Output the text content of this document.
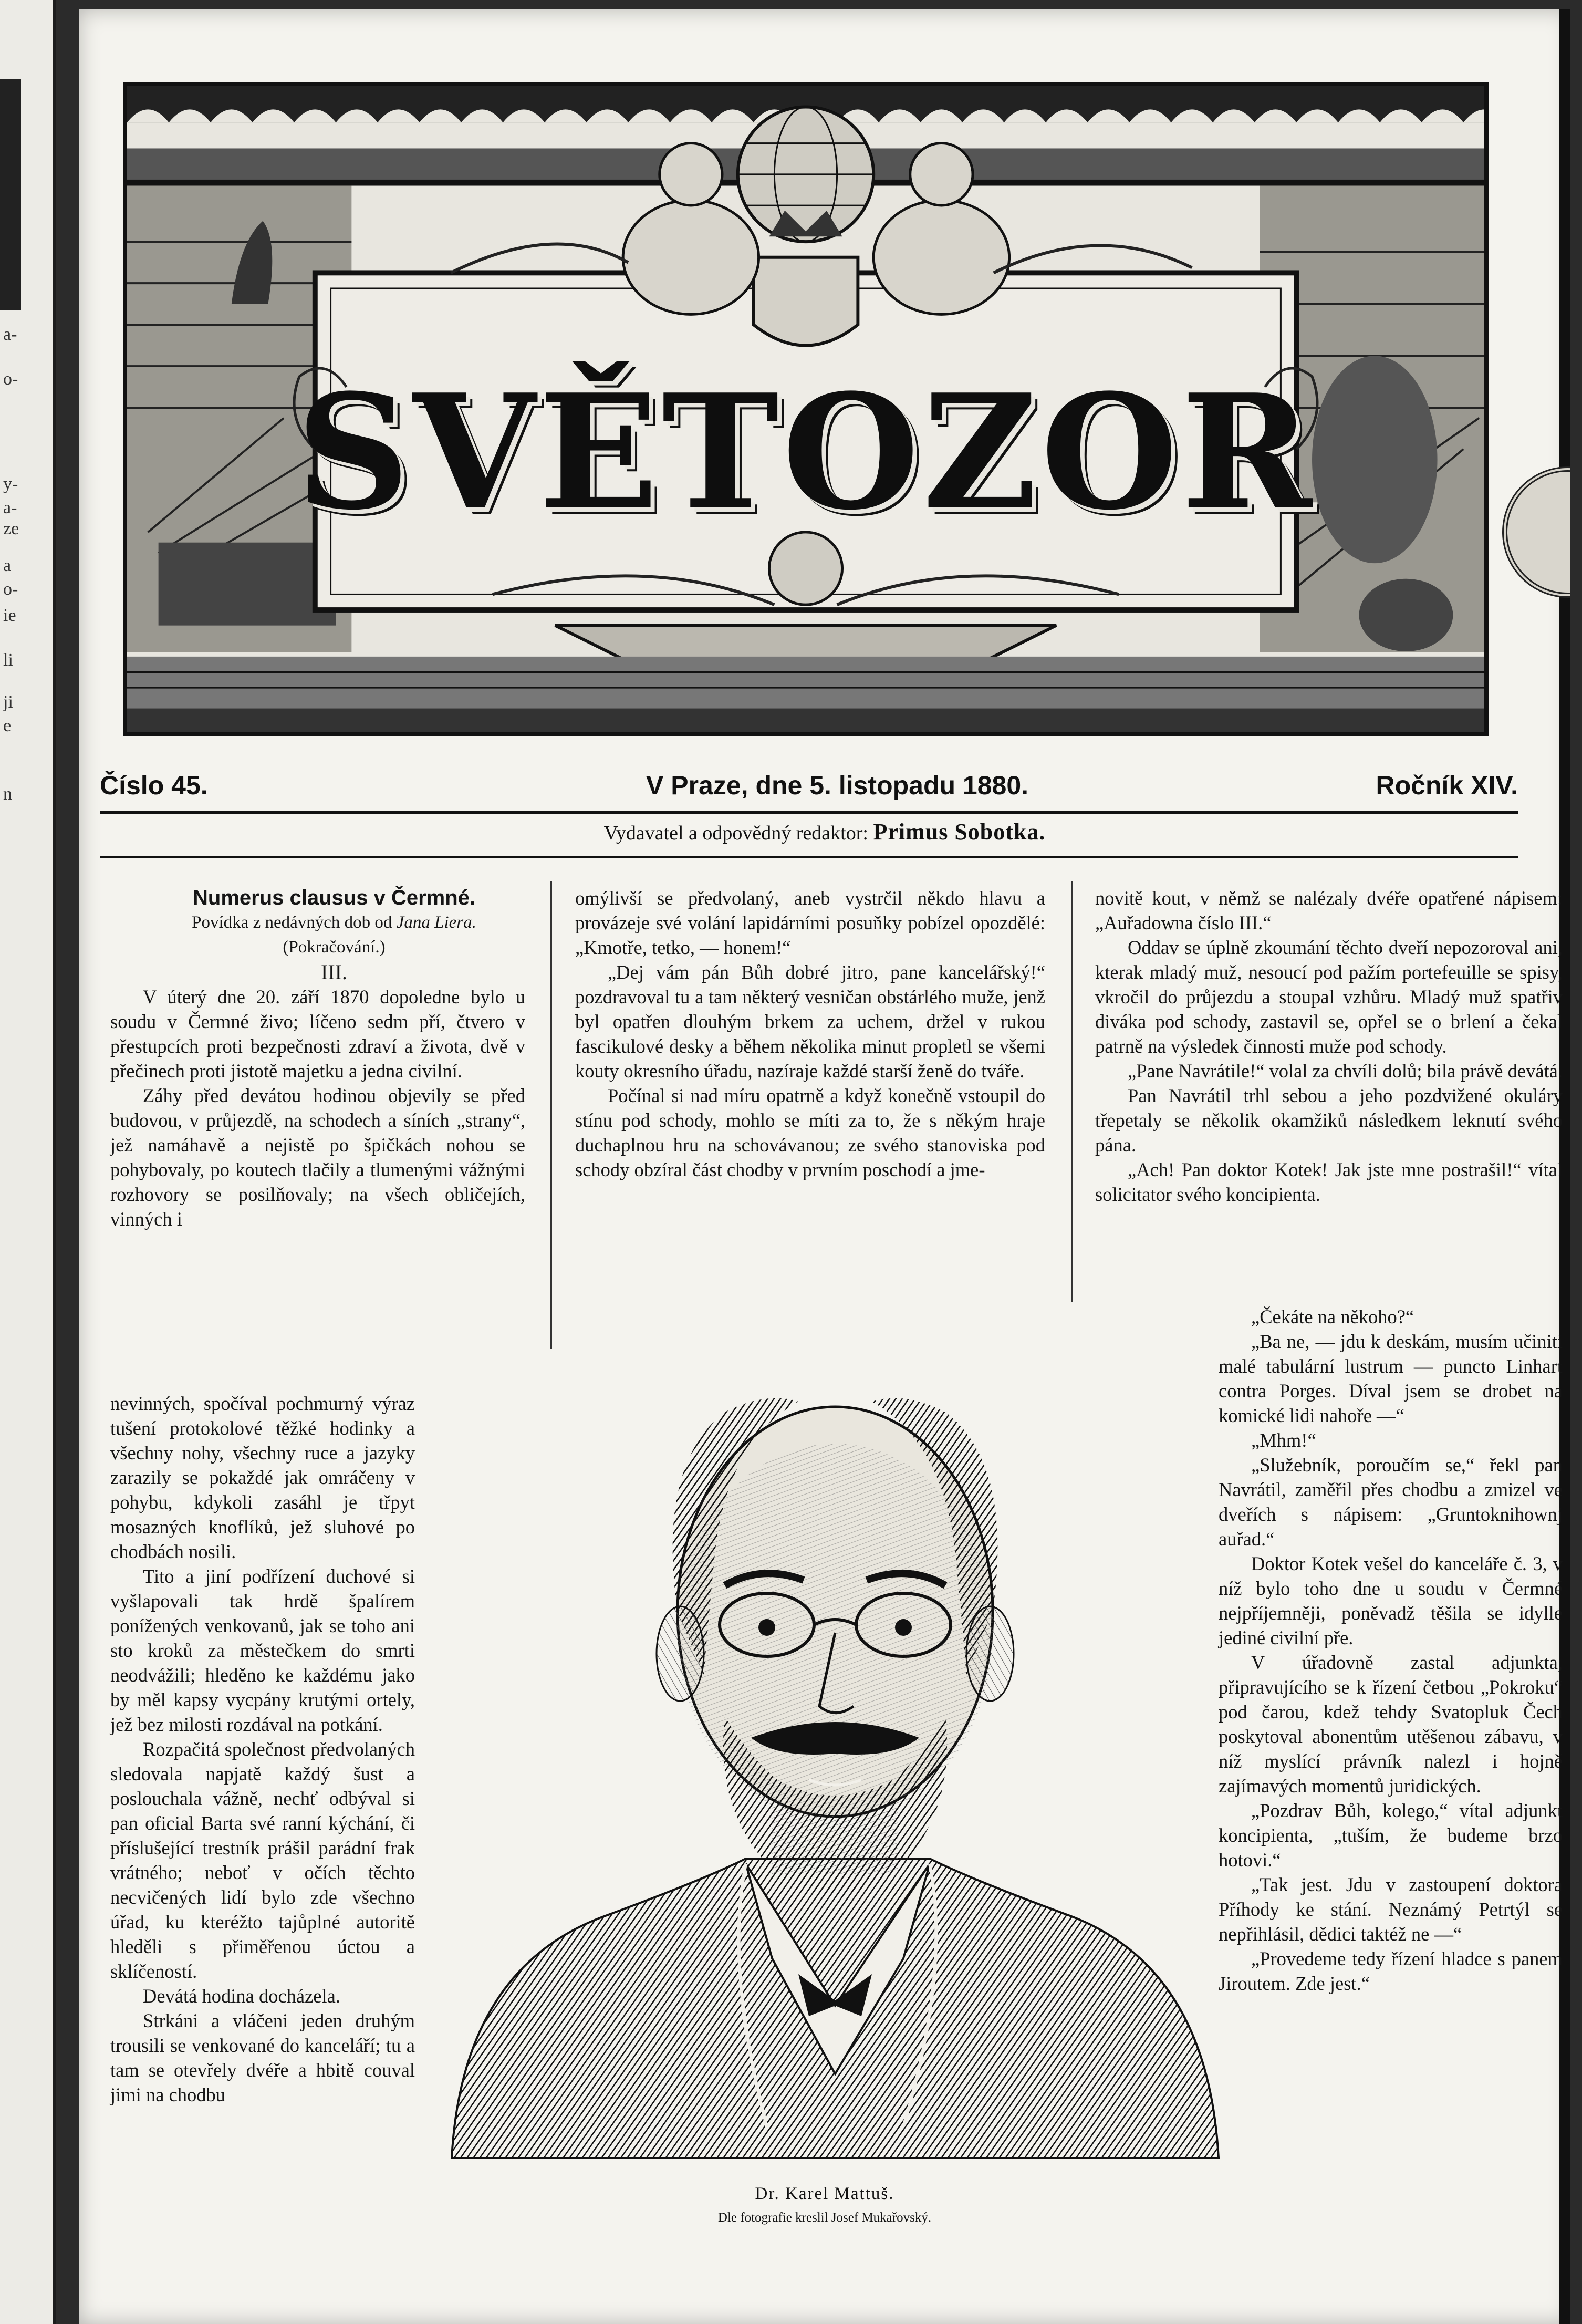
a-
o-
y-
a-
ze
a
o-
ie
li
ji
e
n
SVĚTOZOR
Číslo 45.	V Praze, dne 5. listopadu 1880.	Ročník XIV.
Vydavatel a odpovědný redaktor: Primus Sobotka.

Numerus clausus v Čermné.

Povídka z nedávných dob od Jana Liera.

(Pokračování.)

III.

V úterý dne 20. září 1870 dopoledne bylo u soudu v Čermné živo; líčeno sedm pří, čtvero v přestupcích proti bezpečnosti zdraví a života, dvě v přečinech proti jistotě majetku a jedna civilní.

Záhy před devátou hodinou objevily se před budovou, v průjezdě, na schodech a síních „strany“, jež namáhavě a nejistě po špičkách nohou se pohybovaly, po koutech tlačily a tlumenými vážnými rozhovory se posilňovaly; na všech obličejích, vinných i

nevinných, spočíval pochmurný výraz tušení protokolové těžké hodinky a všechny nohy, všechny ruce a jazyky zarazily se pokaždé jak omráčeny v pohybu, kdykoli zasáhl je třpyt mosazných knoflíků, jež sluhové po chodbách nosili.

Tito a jiní podřízení duchové si vyšlapovali tak hrdě špalírem ponížených venkovanů, jak se toho ani sto kroků za městečkem do smrti neodvážili; hleděno ke každému jako by měl kapsy vycpány krutými ortely, jež bez milosti rozdával na potkání.

Rozpačitá společnost předvolaných sledovala napjatě každý šust a poslouchala vážně, nechť odbýval si pan oficial Barta své ranní kýchání, či příslušející trestník prášil parádní frak vrátného; neboť v očích těchto necvičených lidí bylo zde všechno úřad, ku kteréžto tajůplné autoritě hleděli s přiměřenou úctou a sklíčeností.

Devátá hodina docházela.

Strkáni a vláčeni jeden druhým trousili se venkované do kanceláří; tu a tam se otevřely dvéře a hbitě couval jimi na chodbu

omýlivší se předvolaný, aneb vystrčil někdo hlavu a provázeje své volání lapidárními posuňky pobízel opozdělé: „Kmotře, tetko, — honem!“

„Dej vám pán Bůh dobré jitro, pane kancelářský!“ pozdravoval tu a tam některý vesničan obstárlého muže, jenž byl opatřen dlouhým brkem za uchem, držel v rukou fascikulové desky a během několika minut propletl se všemi kouty okresního úřadu, nazíraje každé starší ženě do tváře.

Počínal si nad míru opatrně a když konečně vstoupil do stínu pod schody, mohlo se míti za to, že s někým hraje duchaplnou hru na schovávanou; ze svého stanoviska pod schody obzíral část chodby v prvním poschodí a jme-

novitě kout, v němž se nalézaly dvéře opatřené nápisem: „Auřadowna číslo III.“

Oddav se úplně zkoumání těchto dveří nepozoroval ani, kterak mladý muž, nesoucí pod pažím portefeuille se spisy, vkročil do průjezdu a stoupal vzhůru. Mladý muž spatřiv diváka pod schody, zastavil se, opřel se o brlení a čekal patrně na výsledek činnosti muže pod schody.

„Pane Navrátile!“ volal za chvíli dolů; bila právě devátá.

Pan Navrátil trhl sebou a jeho pozdvižené okuláry třepetaly se několik okamžiků následkem leknutí svého pána.

„Ach! Pan doktor Kotek! Jak jste mne postrašil!“ vítal solicitator svého koncipienta.

„Čekáte na někoho?“

„Ba ne, — jdu k deskám, musím učiniti malé tabulární lustrum — puncto Linhart contra Porges. Díval jsem se drobet na komické lidi nahoře —“

„Mhm!“

„Služebník, poroučím se,“ řekl pan Navrátil, zaměřil přes chodbu a zmizel ve dveřích s nápisem: „Gruntoknihownj auřad.“

Doktor Kotek vešel do kanceláře č. 3, v níž bylo toho dne u soudu v Čermné nejpříjemněji, poněvadž těšila se idylle jediné civilní pře.

V úřadovně zastal adjunkta, připravujícího se k řízení četbou „Pokroku“ pod čarou, kdež tehdy Svatopluk Čech poskytoval abonentům utěšenou zábavu, v níž myslící právník nalezl i hojně zajímavých momentů juridických.

„Pozdrav Bůh, kolego,“ vítal adjunkt koncipienta, „tuším, že budeme brzo hotovi.“

„Tak jest. Jdu v zastoupení doktora Příhody ke stání. Neznámý Petrtýl se nepřihlásil, dědici taktéž ne —“

„Provedeme tedy řízení hladce s panem Jiroutem. Zde jest.“

Dr. Karel Mattuš.
Dle fotografie kreslil Josef Mukařovský.
